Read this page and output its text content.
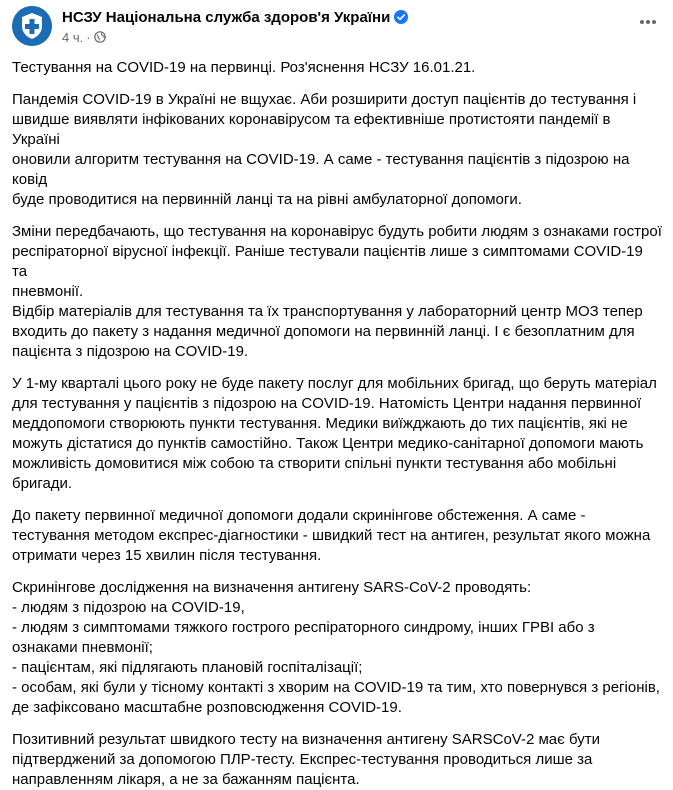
НСЗУ Національна служба здоров'я України
4 ч. ·

Тестування на COVID-19 на первинці. Роз'яснення НСЗУ 16.01.21.

Пандемія COVID-19 в Україні не вщухає. Аби розширити доступ пацієнтів до тестування і

швидше виявляти інфікованих коронавірусом та ефективніше протистояти пандемії в Україні

оновили алгоритм тестування на COVID-19. А саме - тестування пацієнтів з підозрою на ковід

буде проводитися на первинній ланці та на рівні амбулаторної допомоги.

Зміни передбачають, що тестування на коронавірус будуть робити людям з ознаками гострої

респіраторної вірусної інфекції. Раніше тестували пацієнтів лише з симптомами COVID-19 та

пневмонії.

Відбір матеріалів для тестування та їх транспортування у лабораторний центр МОЗ тепер

входить до пакету з надання медичної допомоги на первинній ланці. І є безоплатним для

пацієнта з підозрою на COVID-19.

У 1-му кварталі цього року не буде пакету послуг для мобільних бригад, що беруть матеріал

для тестування у пацієнтів з підозрою на COVID-19. Натомість Центри надання первинної

меддопомоги створюють пункти тестування. Медики виїжджають до тих пацієнтів, які не

можуть дістатися до пунктів самостійно. Також Центри медико-санітарної допомоги мають

можливість домовитися між собою та створити спільні пункти тестування або мобільні

бригади.

До пакету первинної медичної допомоги додали скринінгове обстеження. А саме -

тестування методом експрес-діагностики - швидкий тест на антиген, результат якого можна

отримати через 15 хвилин після тестування.

Скринінгове дослідження на визначення антигену SARS-CoV-2 проводять:

- людям з підозрою на COVID-19,

- людям з симптомами тяжкого гострого респіраторного синдрому, інших ГРВІ або з

ознаками пневмонії;

- пацієнтам, які підлягають плановій госпіталізації;

- особам, які були у тісному контакті з хворим на COVID-19 та тим, хто повернувся з регіонів,

де зафіксовано масштабне розповсюдження COVID-19.

Позитивний результат швидкого тесту на визначення антигену SARSCoV-2 має бути

підтверджений за допомогою ПЛР-тесту. Експрес-тестування проводиться лише за

направленням лікаря, а не за бажанням пацієнта.
